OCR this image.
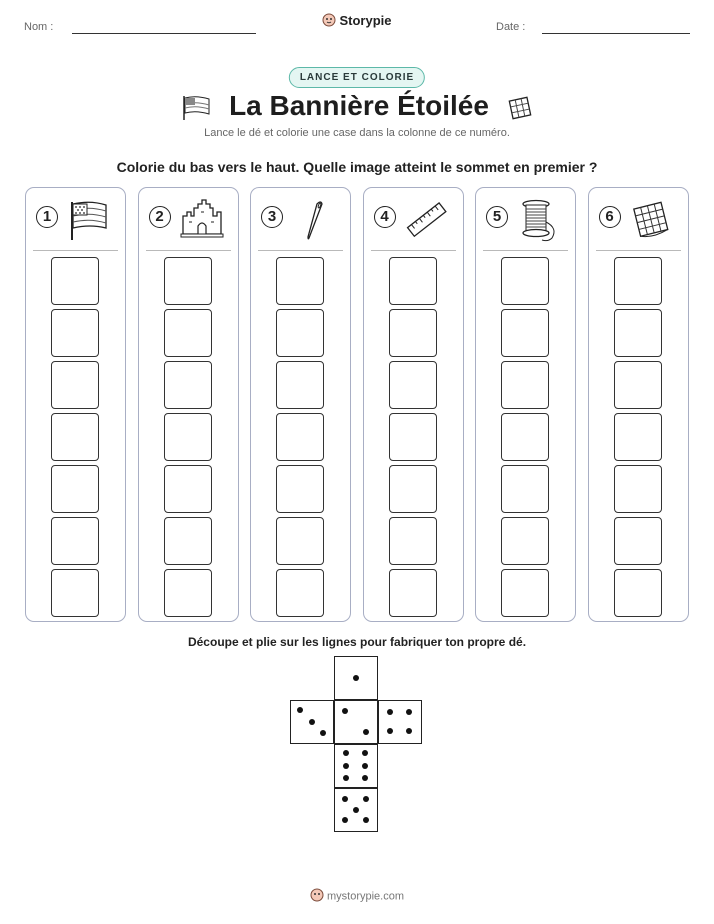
Nom :	Storypie	Date :
LANCE ET COLORIE
La Bannière Étoilée
Lance le dé et colorie une case dans la colonne de ce numéro.
Colorie du bas vers le haut. Quelle image atteint le sommet en premier ?
1	2	3	4	5	6
Découpe et plie sur les lignes pour fabriquer ton propre dé.
mystorypie.com
